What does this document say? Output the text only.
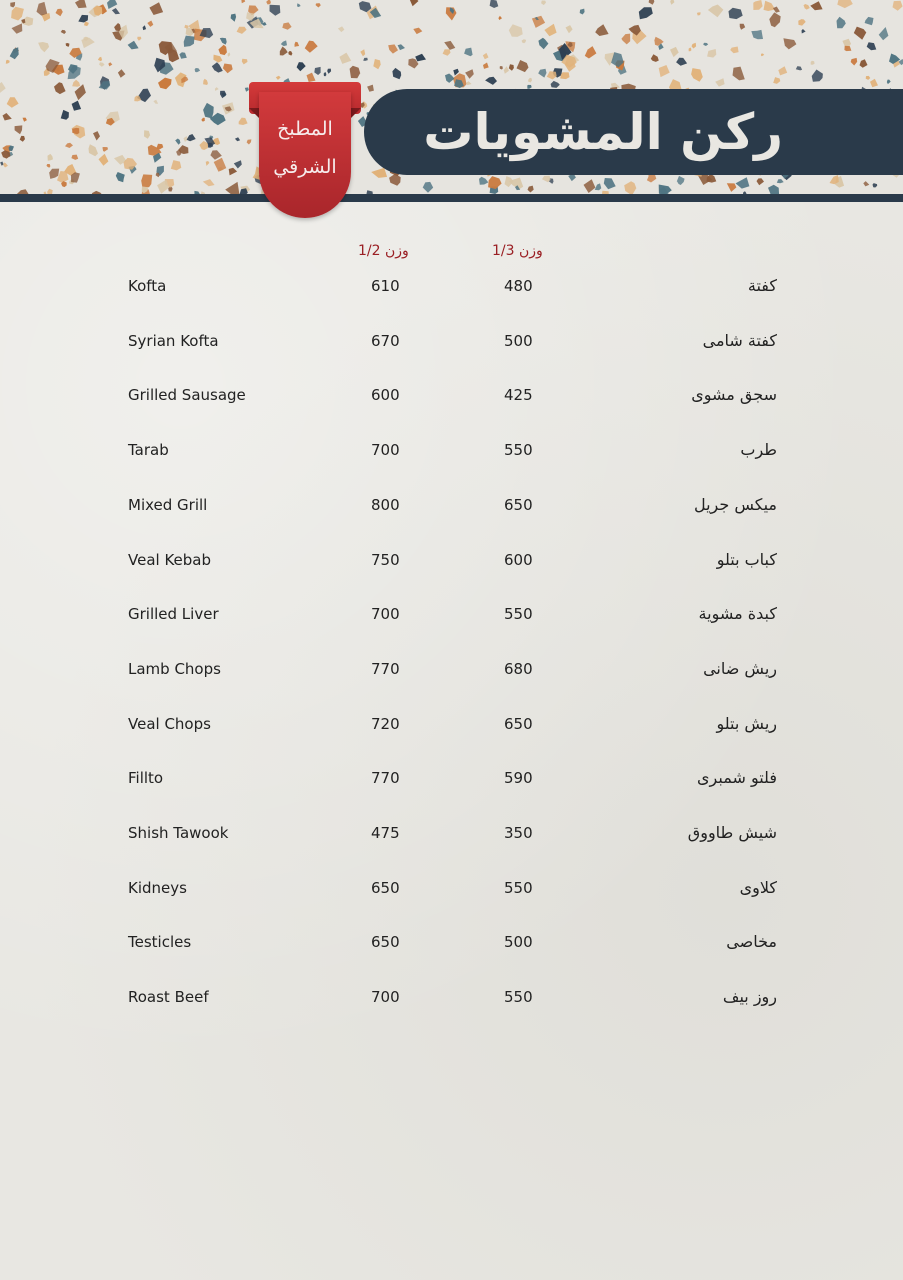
ركن المشويات
المطبخ
الشرقي
وزن 1/2	وزن 1/3
Kofta	610	480	كفتة
Syrian Kofta	670	500	كفتة شامى
Grilled Sausage	600	425	سجق مشوى
Tarab	700	550	طرب
Mixed Grill	800	650	ميكس جريل
Veal Kebab	750	600	كباب بتلو
Grilled Liver	700	550	كبدة مشوية
Lamb Chops	770	680	ريش ضانى
Veal Chops	720	650	ريش بتلو
Fillto	770	590	فلتو شمبرى
Shish Tawook	475	350	شيش طاووق
Kidneys	650	550	كلاوى
Testicles	650	500	مخاصى
Roast Beef	700	550	روز بيف
